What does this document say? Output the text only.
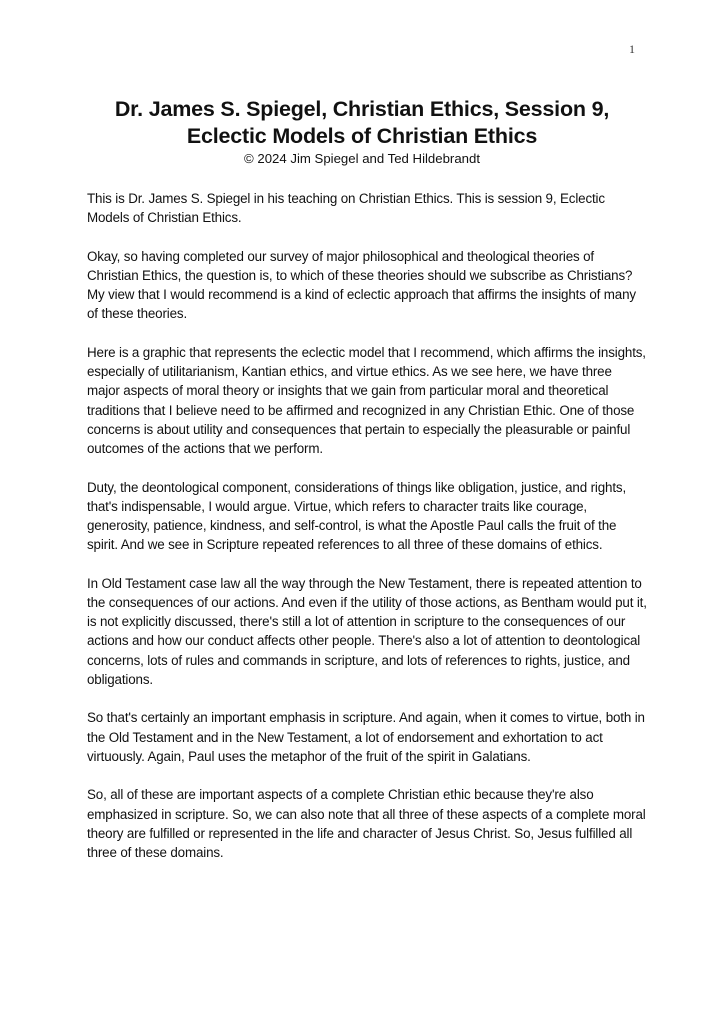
1
Dr. James S. Spiegel, Christian Ethics, Session 9,
Eclectic Models of Christian Ethics
© 2024 Jim Spiegel and Ted Hildebrandt

This is Dr. James S. Spiegel in his teaching on Christian Ethics. This is session 9, Eclectic Models of Christian Ethics.

Okay, so having completed our survey of major philosophical and theological theories of Christian Ethics, the question is, to which of these theories should we subscribe as Christians? My view that I would recommend is a kind of eclectic approach that affirms the insights of many of these theories.

Here is a graphic that represents the eclectic model that I recommend, which affirms the insights, especially of utilitarianism, Kantian ethics, and virtue ethics. As we see here, we have three major aspects of moral theory or insights that we gain from particular moral and theoretical traditions that I believe need to be affirmed and recognized in any Christian Ethic. One of those concerns is about utility and consequences that pertain to especially the pleasurable or painful outcomes of the actions that we perform.

Duty, the deontological component, considerations of things like obligation, justice, and rights, that's indispensable, I would argue. Virtue, which refers to character traits like courage, generosity, patience, kindness, and self-control, is what the Apostle Paul calls the fruit of the spirit. And we see in Scripture repeated references to all three of these domains of ethics.

In Old Testament case law all the way through the New Testament, there is repeated attention to the consequences of our actions. And even if the utility of those actions, as Bentham would put it, is not explicitly discussed, there's still a lot of attention in scripture to the consequences of our actions and how our conduct affects other people. There's also a lot of attention to deontological concerns, lots of rules and commands in scripture, and lots of references to rights, justice, and obligations.

So that's certainly an important emphasis in scripture. And again, when it comes to virtue, both in the Old Testament and in the New Testament, a lot of endorsement and exhortation to act virtuously. Again, Paul uses the metaphor of the fruit of the spirit in Galatians.

So, all of these are important aspects of a complete Christian ethic because they're also emphasized in scripture. So, we can also note that all three of these aspects of a complete moral theory are fulfilled or represented in the life and character of Jesus Christ. So, Jesus fulfilled all three of these domains.
